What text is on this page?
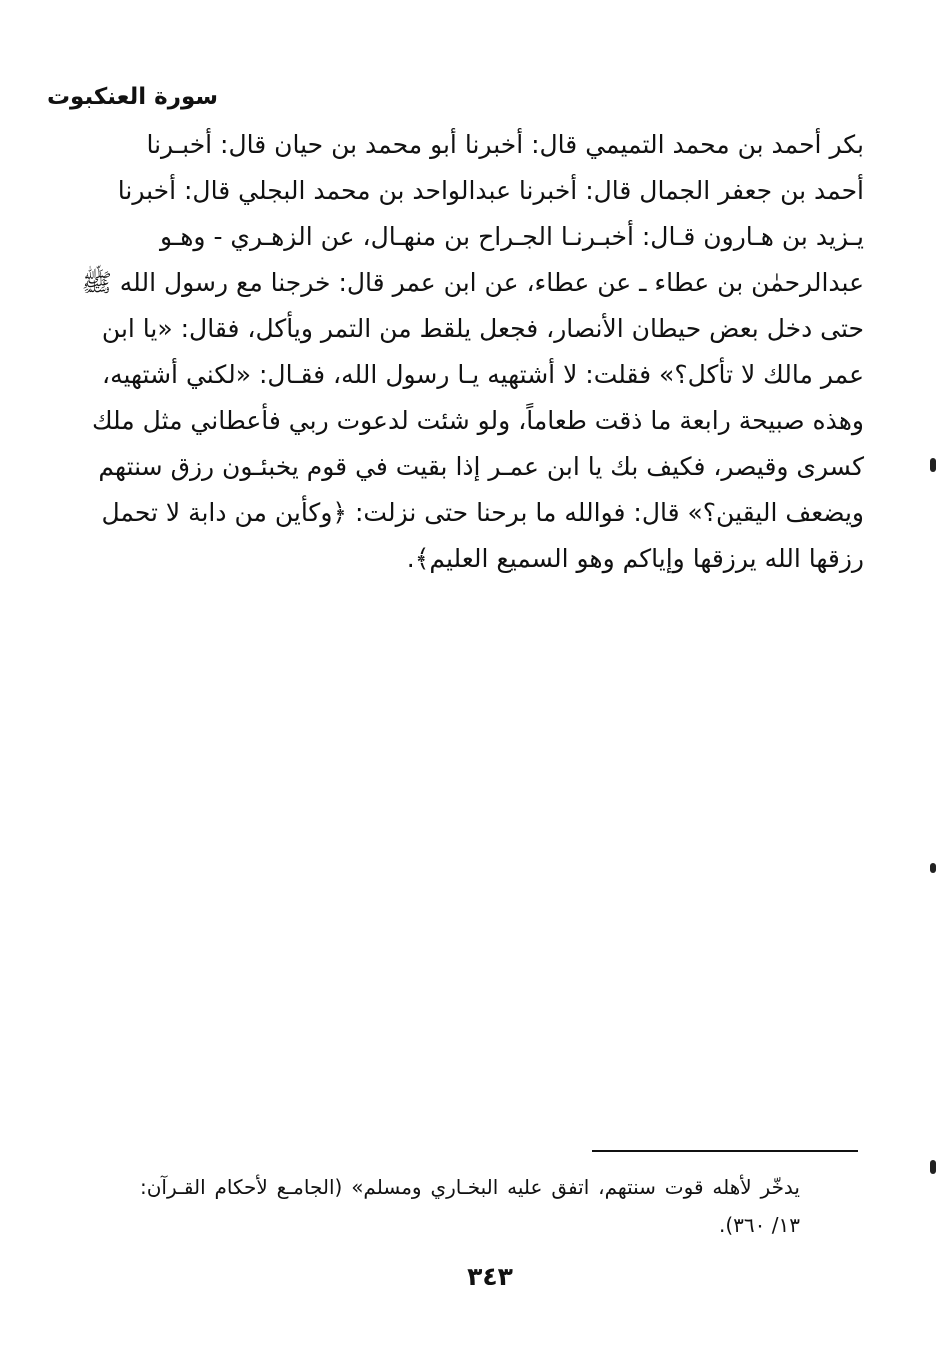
سورة العنكبوت
بكر أحمد بن محمد التميمي قال: أخبرنا أبو محمد بن حيان قال: أخبـرنا
أحمد بن جعفر الجمال قال: أخبرنا عبدالواحد بن محمد البجلي قال: أخبرنا
يـزيد بن هـارون قـال: أخبـرنـا الجـراح بن منهـال، عن الزهـري - وهـو
عبدالرحمٰن بن عطاء ـ عن عطاء، عن ابن عمر قال: خرجنا مع رسول الله ﷺ
حتى دخل بعض حيطان الأنصار، فجعل يلقط من التمر ويأكل، فقال: «يا ابن
عمر مالك لا تأكل؟» فقلت: لا أشتهيه يـا رسول الله، فقـال: «لكني أشتهيه،
وهذه صبيحة رابعة ما ذقت طعاماً، ولو شئت لدعوت ربي فأعطاني مثل ملك
كسرى وقيصر، فكيف بك يا ابن عمـر إذا بقيت في قوم يخبئـون رزق سنتهم
ويضعف اليقين؟» قال: فوالله ما برحنا حتى نزلت: ﴿وكأين من دابة لا تحمل
رزقها الله يرزقها وإياكم وهو السميع العليم﴾.
يدخّر لأهله قوت سنتهم، اتفق عليه البخـاري ومسلم» (الجامـع لأحكام القـرآن:
١٣/ ٣٦٠).
٣٤٣
